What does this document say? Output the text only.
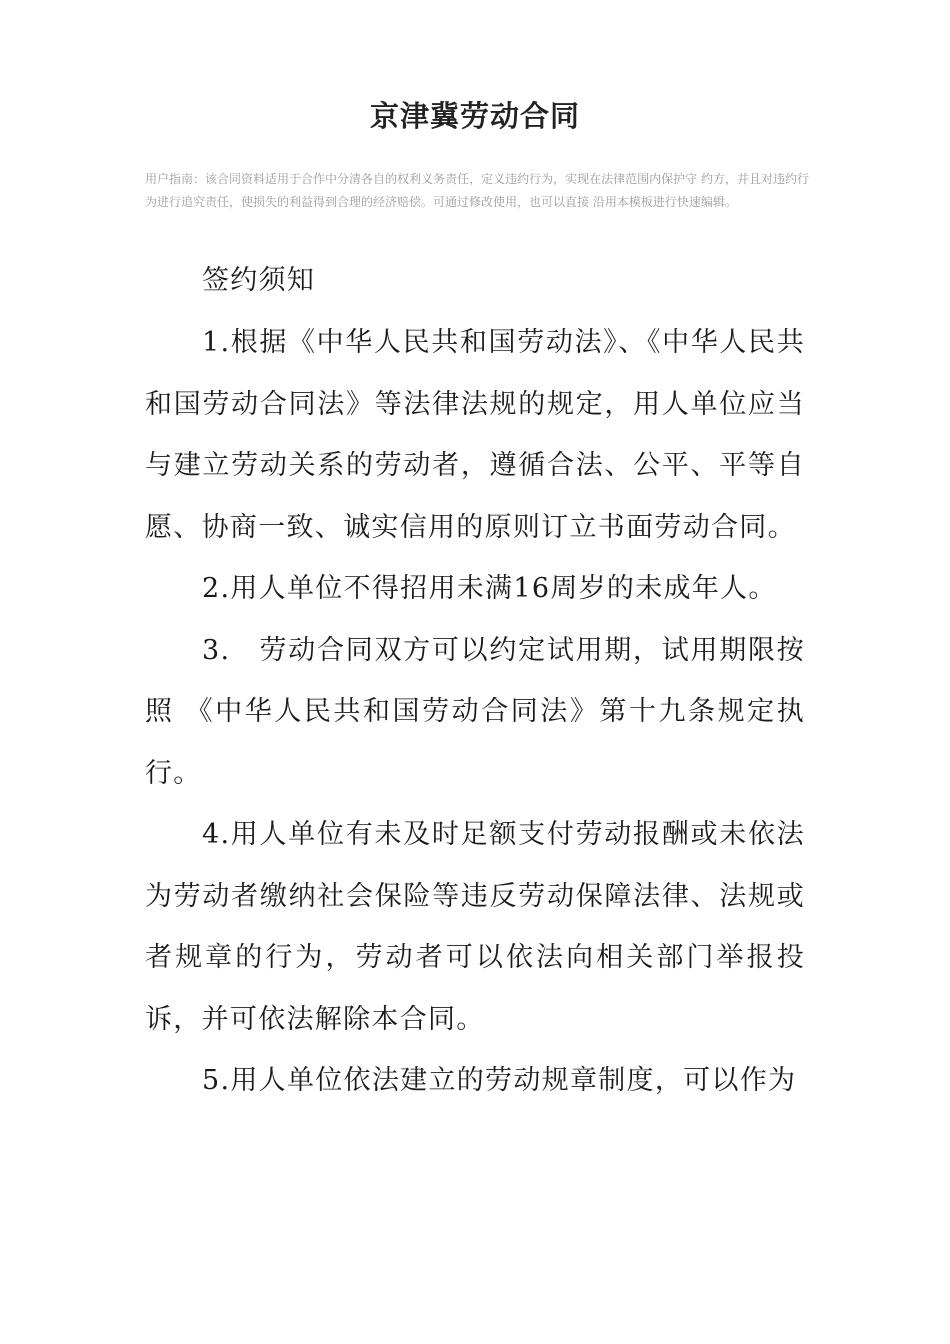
京津冀劳动合同
用户指南：该合同资料适用于合作中分清各自的权利义务责任，定义违约行为，实现在法律范围内保护守 约方，并且对违约行为进行追究责任，使损失的利益得到合理的经济赔偿。可通过修改使用，也可以直接 沿用本模板进行快速编辑。
签约须知

1.根据《中华人民共和国劳动法》、《中华人民共和国劳动合同法》等法律法规的规定，用人单位应当与建立劳动关系的劳动者，遵循合法、公平、平等自愿、协商一致、诚实信用的原则订立书面劳动合同。

2.用人单位不得招用未满16周岁的未成年人。

3.　劳动合同双方可以约定试用期，试用期限按照 《中华人民共和国劳动合同法》第十九条规定执行。

4.用人单位有未及时足额支付劳动报酬或未依法为劳动者缴纳社会保险等违反劳动保障法律、法规或者规章的行为，劳动者可以依法向相关部门举报投诉，并可依法解除本合同。

5.用人单位依法建立的劳动规章制度，可以作为
